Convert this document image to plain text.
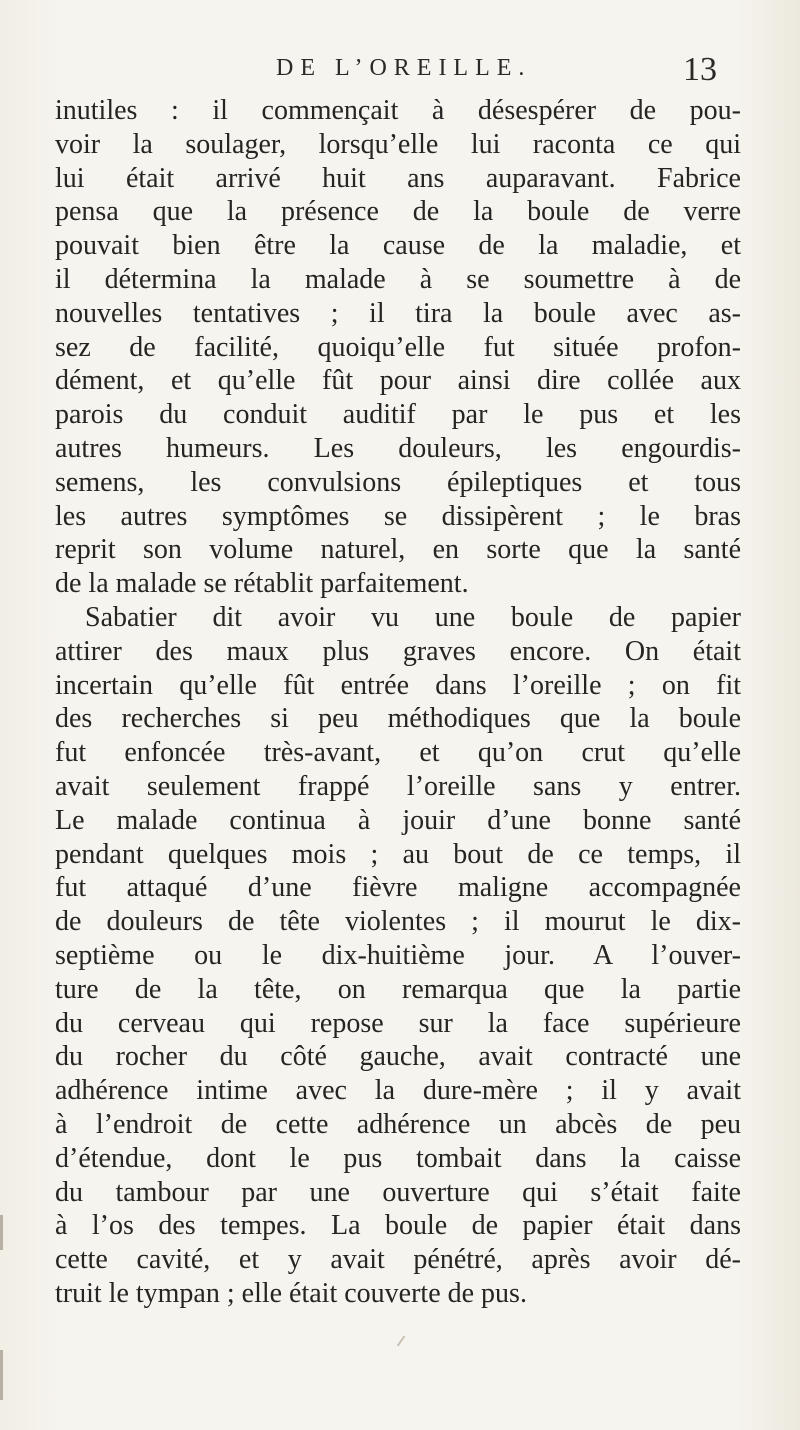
DE L’OREILLE.	13
inutiles : il commençait à désespérer de pou-
voir la soulager, lorsqu’elle lui raconta ce qui
lui était arrivé huit ans auparavant. Fabrice
pensa que la présence de la boule de verre
pouvait bien être la cause de la maladie, et
il détermina la malade à se soumettre à de
nouvelles tentatives ; il tira la boule avec as-
sez de facilité, quoiqu’elle fut située profon-
dément, et qu’elle fût pour ainsi dire collée aux
parois du conduit auditif par le pus et les
autres humeurs. Les douleurs, les engourdis-
semens, les convulsions épileptiques et tous
les autres symptômes se dissipèrent ; le bras
reprit son volume naturel, en sorte que la santé
de la malade se rétablit parfaitement.
Sabatier dit avoir vu une boule de papier
attirer des maux plus graves encore. On était
incertain qu’elle fût entrée dans l’oreille ; on fit
des recherches si peu méthodiques que la boule
fut enfoncée très-avant, et qu’on crut qu’elle
avait seulement frappé l’oreille sans y entrer.
Le malade continua à jouir d’une bonne santé
pendant quelques mois ; au bout de ce temps, il
fut attaqué d’une fièvre maligne accompagnée
de douleurs de tête violentes ; il mourut le dix-
septième ou le dix-huitième jour. A l’ouver-
ture de la tête, on remarqua que la partie
du cerveau qui repose sur la face supérieure
du rocher du côté gauche, avait contracté une
adhérence intime avec la dure-mère ; il y avait
à l’endroit de cette adhérence un abcès de peu
d’étendue, dont le pus tombait dans la caisse
du tambour par une ouverture qui s’était faite
à l’os des tempes. La boule de papier était dans
cette cavité, et y avait pénétré, après avoir dé-
truit le tympan ; elle était couverte de pus.
